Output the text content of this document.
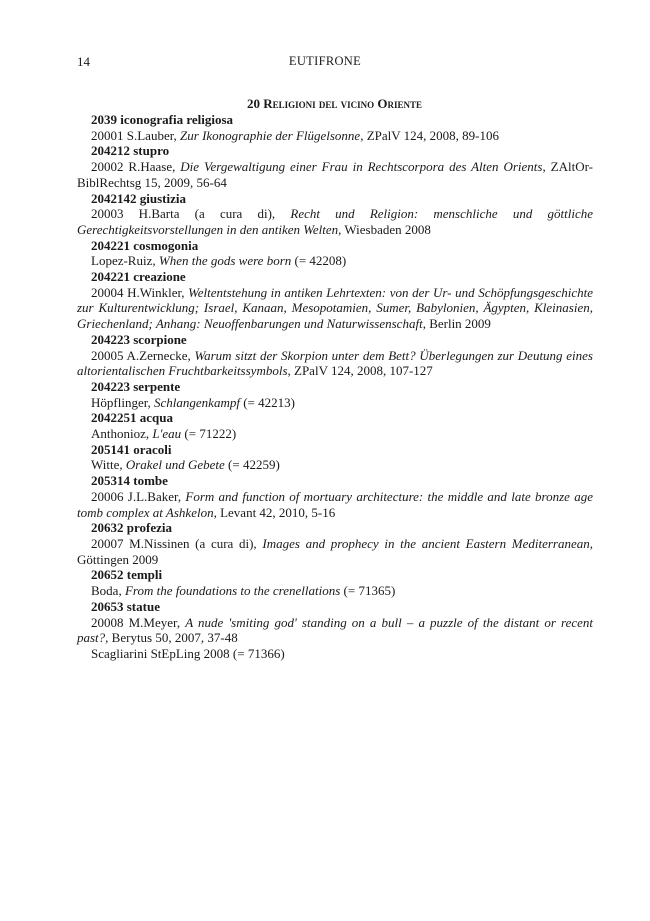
14	EUTIFRONE
20 Religioni del vicino Oriente
2039 iconografia religiosa
20001 S.Lauber, Zur Ikonographie der Flügelsonne, ZPalV 124, 2008, 89-106
204212 stupro
20002 R.Haase, Die Vergewaltigung einer Frau in Rechtscorpora des Alten Orients, ZAltOr-BiblRechtsg 15, 2009, 56-64
2042142 giustizia
20003 H.Barta (a cura di), Recht und Religion: menschliche und göttliche Gerechtigkeitsvorstellungen in den antiken Welten, Wiesbaden 2008
204221 cosmogonia
Lopez-Ruiz, When the gods were born (= 42208)
204221 creazione
20004 H.Winkler, Weltentstehung in antiken Lehrtexten: von der Ur- und Schöpfungsgeschichte zur Kulturentwicklung; Israel, Kanaan, Mesopotamien, Sumer, Babylonien, Ägypten, Kleinasien, Griechenland; Anhang: Neuoffenbarungen und Naturwissenschaft, Berlin 2009
204223 scorpione
20005 A.Zernecke, Warum sitzt der Skorpion unter dem Bett? Überlegungen zur Deutung eines altorientalischen Fruchtbarkeitssymbols, ZPalV 124, 2008, 107-127
204223 serpente
Höpflinger, Schlangenkampf (= 42213)
2042251 acqua
Anthonioz, L'eau (= 71222)
205141 oracoli
Witte, Orakel und Gebete (= 42259)
205314 tombe
20006 J.L.Baker, Form and function of mortuary architecture: the middle and late bronze age tomb complex at Ashkelon, Levant 42, 2010, 5-16
20632 profezia
20007 M.Nissinen (a cura di), Images and prophecy in the ancient Eastern Mediterranean, Göttingen 2009
20652 templi
Boda, From the foundations to the crenellations (= 71365)
20653 statue
20008 M.Meyer, A nude 'smiting god' standing on a bull – a puzzle of the distant or recent past?, Berytus 50, 2007, 37-48
Scagliarini StEpLing 2008 (= 71366)
